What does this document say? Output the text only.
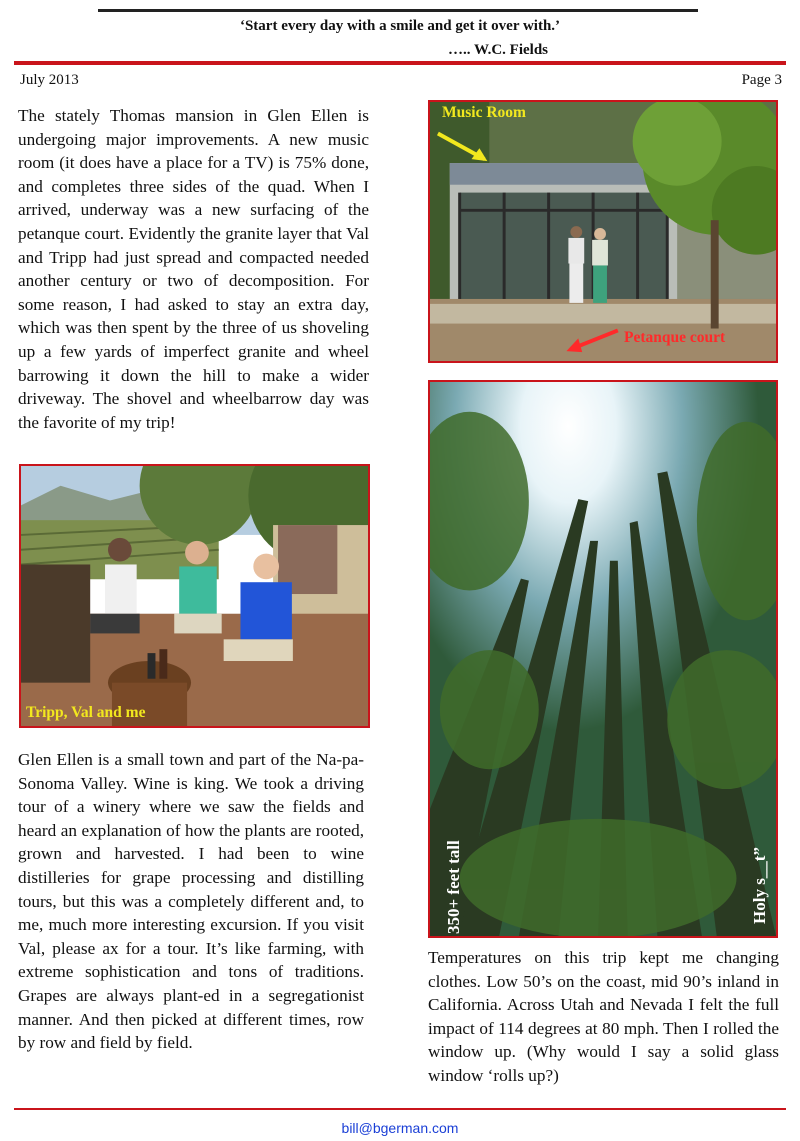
‘Start every day with a smile and get it over with.’
….. W.C. Fields
July 2013	Page 3

The stately Thomas mansion in Glen Ellen is undergoing major improvements. A new music room (it does have a place for a TV) is 75% done, and completes three sides of the quad. When I arrived, underway was a new surfacing of the petanque court. Evidently the granite layer that Val and Tripp had just spread and compacted needed another century or two of decomposition. For some reason, I had asked to stay an extra day, which was then spent by the three of us shoveling up a few yards of imperfect granite and wheel barrowing it down the hill to make a wider driveway. The shovel and wheelbarrow day was the favorite of my trip!

Music Room
Petanque court
350+ feet tall	Holy s__t”
Tripp, Val and me

Glen Ellen is a small town and part of the Na-pa-Sonoma Valley. Wine is king. We took a driving tour of a winery where we saw the fields and heard an explanation of how the plants are rooted, grown and harvested. I had been to wine distilleries for grape processing and distilling tours, but this was a completely different and, to me, much more interesting excursion. If you visit Val, please ax for a tour. It’s like farming, with extreme sophistication and tons of traditions. Grapes are always plant-ed in a segregationist manner. And then picked at different times, row by row and field by field.

Temperatures on this trip kept me changing clothes. Low 50’s on the coast, mid 90’s inland in California. Across Utah and Nevada I felt the full impact of 114 degrees at 80 mph. Then I rolled the window up. (Why would I say a solid glass window ‘rolls up?)

bill@bgerman.com
